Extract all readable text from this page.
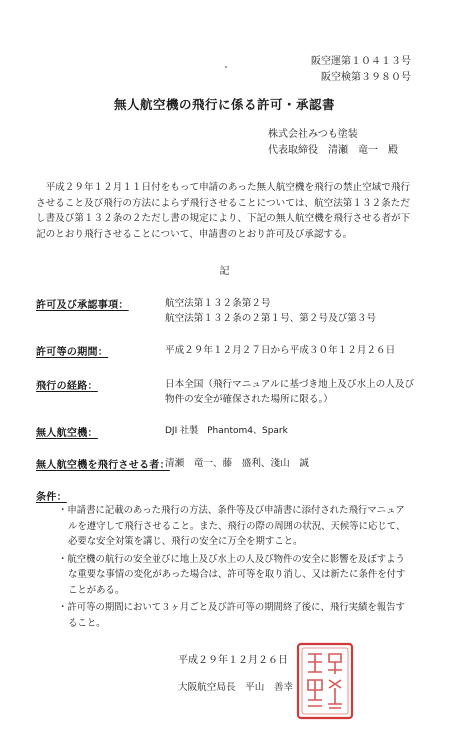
阪空運第１０４１３号
阪空検第３９８０号
無人航空機の飛行に係る許可・承認書
株式会社みつも塗装
代表取締役　清瀬　竜一　殿

平成２９年１２月１１日付をもって申請のあった無人航空機を飛行の禁止空域で飛行させること及び飛行の方法によらず飛行させることについては、航空法第１３２条ただし書及び第１３２条の２ただし書の規定により、下記の無人航空機を飛行させる者が下記のとおり飛行させることについて、申請書のとおり許可及び承認する。

記
許可及び承認事項：	航空法第１３２条第２号
航空法第１３２条の２第１号、第２号及び第３号
許可等の期間：	平成２９年１２月２７日から平成３０年１２月２６日
飛行の経路：	日本全国（飛行マニュアルに基づき地上及び水上の人及び物件の安全が確保された場所に限る。）
無人航空機：	DJI 社製　Phantom4、Spark
無人航空機を飛行させる者：
清瀬　竜一、藤　盛利、淺山　誠
条件：
・申請書に記載のあった飛行の方法、条件等及び申請書に添付された飛行マニュアルを遵守して飛行させること。また、飛行の際の周囲の状況、天候等に応じて、必要な安全対策を講じ、飛行の安全に万全を期すこと。
・航空機の航行の安全並びに地上及び水上の人及び物件の安全に影響を及ぼすような重要な事情の変化があった場合は、許可等を取り消し、又は新たに条件を付すことがある。
・許可等の期間において３ヶ月ごと及び許可等の期間終了後に、飛行実績を報告すること。
平成２９年１２月２６日
大阪航空局長　平山　善幸
